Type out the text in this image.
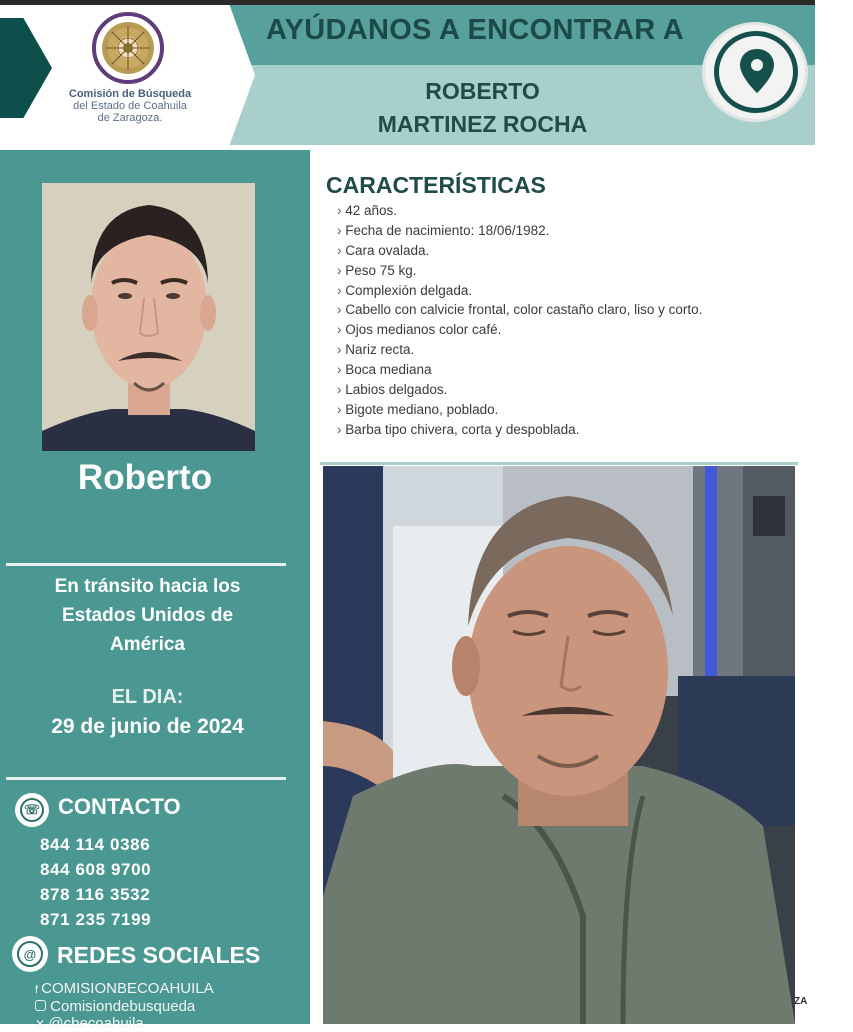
Comisión de Búsqueda
del Estado de Coahuila
de Zaragoza.
AYÚDANOS A ENCONTRAR A
ROBERTO
MARTINEZ ROCHA
Roberto
En tránsito hacia los
Estados Unidos de
América
EL DIA:
29 de junio de 2024
☏ CONTACTO
844 114 0386
844 608 9700
878 116 3532
871 235 7199
@ REDES SOCIALES
f COMISIONBECOAHUILA
Comisiondebusqueda
✕ @cbecoahuila
CARACTERÍSTICAS
› 42 años.
› Fecha de nacimiento: 18/06/1982.
› Cara ovalada.
› Peso 75 kg.
› Complexión delgada.
› Cabello con calvicie frontal, color castaño claro, liso y corto.
› Ojos medianos color café.
› Nariz recta.
› Boca mediana
› Labios delgados.
› Bigote mediano, poblado.
› Barba tipo chivera, corta y despoblada.
ZA
